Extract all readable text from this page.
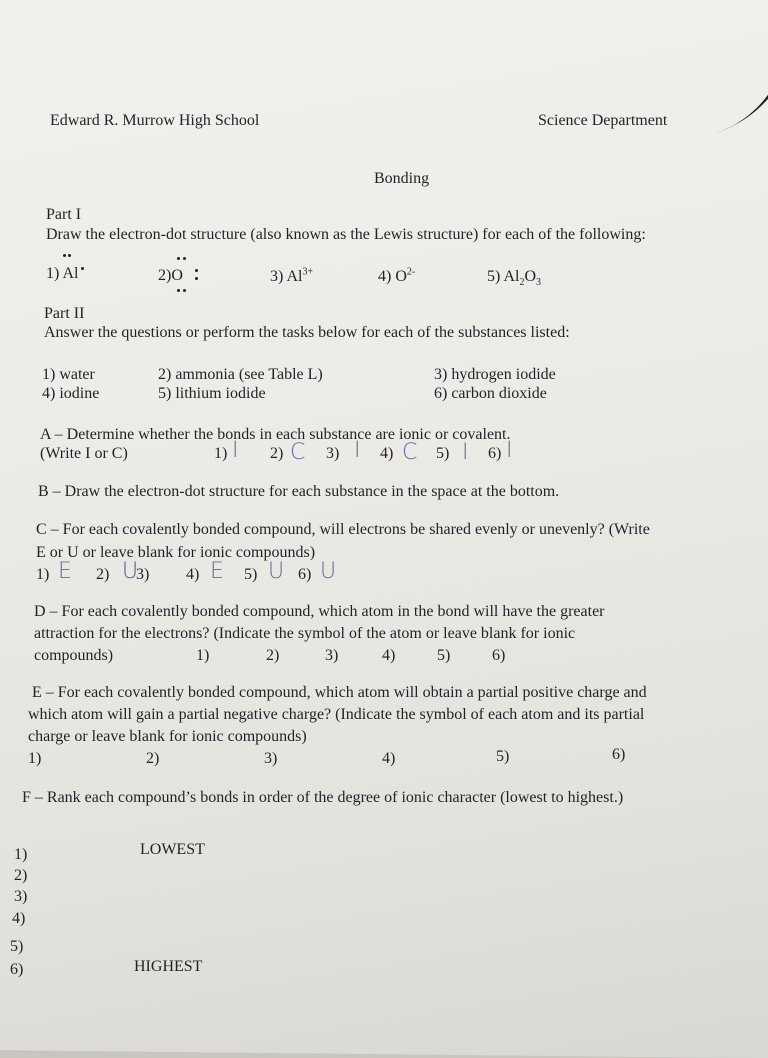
Edward R. Murrow High School	Science Department
Bonding
Part I
Draw the electron-dot structure (also known as the Lewis structure) for each of the following:
1) Al	2)O	3) $Al^{3+}$	4) $O^{2-}$	5) $Al_2O_3$
Part II
Answer the questions or perform the tasks below for each of the substances listed:
1) water	2) ammonia (see Table L)	3) hydrogen iodide
4) iodine	5) lithium iodide	6) carbon dioxide
A – Determine whether the bonds in each substance are ionic or covalent.
(Write I or C)	1) I 2) C 3) I 4) C 5) I 6) I
B – Draw the electron-dot structure for each substance in the space at the bottom.
C – For each covalently bonded compound, will electrons be shared evenly or unevenly? (Write
E or U or leave blank for ionic compounds)
1) E 2) U
3) 4) E 5) U 6) U
D – For each covalently bonded compound, which atom in the bond will have the greater
attraction for the electrons? (Indicate the symbol of the atom or leave blank for ionic
compounds)	1)	2)	3)	4)	5)	6)
E – For each covalently bonded compound, which atom will obtain a partial positive charge and
which atom will gain a partial negative charge? (Indicate the symbol of each atom and its partial
charge or leave blank for ionic compounds)
1)	2)	3)	4)	5)	6)
F – Rank each compound’s bonds in order of the degree of ionic character (lowest to highest.)
1)
2)
3)
4)
5)
6)
LOWEST
HIGHEST
